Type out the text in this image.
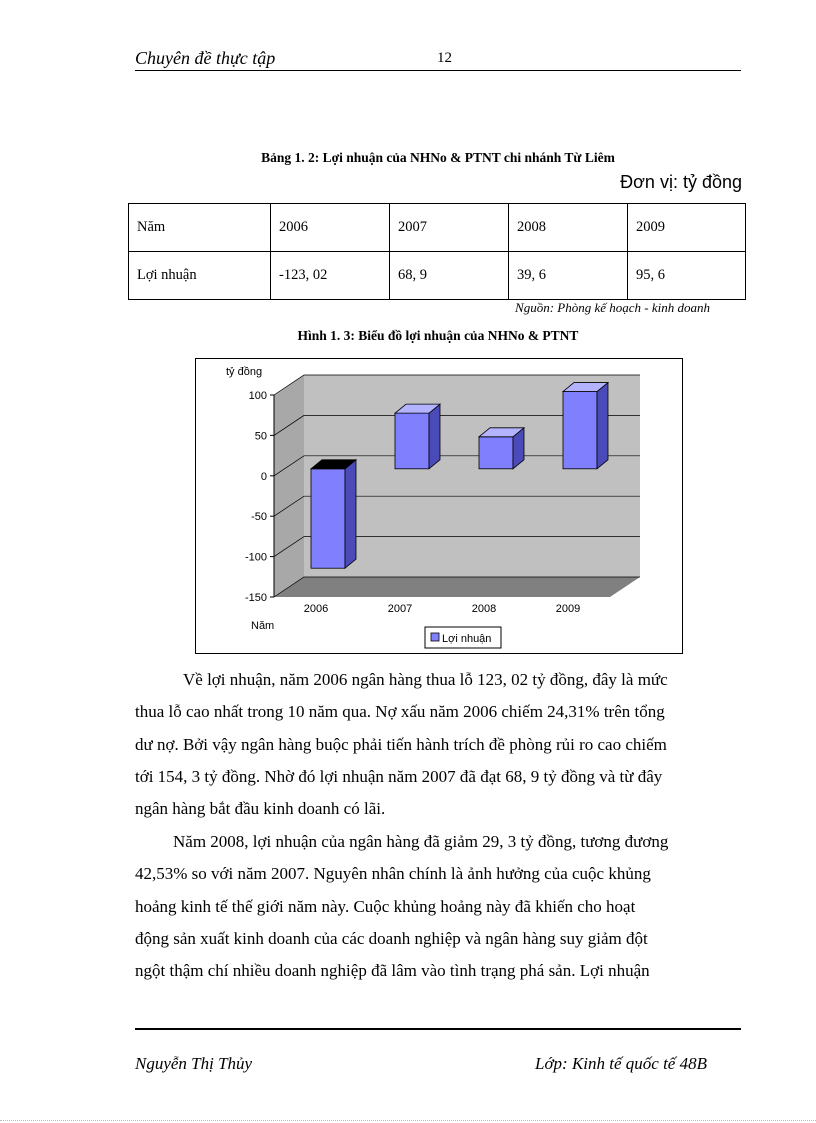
Chuyên đề thực tập	12
Bảng 1. 2: Lợi nhuận của NHNo & PTNT chi nhánh Từ Liêm
Đơn vị: tỷ đồng
Năm	2006	2007	2008	2009
Lợi nhuận	-123, 02	68, 9	39, 6	95, 6
Nguồn: Phòng kế hoạch - kinh doanh
Hình 1. 3: Biểu đồ lợi nhuận của NHNo & PTNT
100
50
0
-50
-100
-150
2006	2007	2008	2009
tỷ đồng
Năm
Lợi nhuận
Về lợi nhuận, năm 2006 ngân hàng thua lỗ 123, 02 tỷ đồng, đây là mức
thua lỗ cao nhất trong 10 năm qua. Nợ xấu năm 2006 chiếm 24,31% trên tổng
dư nợ. Bởi vậy ngân hàng buộc phải tiến hành trích đề phòng rủi ro cao chiếm
tới 154, 3 tỷ đồng. Nhờ đó lợi nhuận năm 2007 đã đạt 68, 9 tỷ đồng và từ đây
ngân hàng bắt đầu kinh doanh có lãi.
Năm 2008, lợi nhuận của ngân hàng đã giảm 29, 3 tỷ đồng, tương đương
42,53% so với năm 2007. Nguyên nhân chính là ảnh hưởng của cuộc khủng
hoảng kinh tế thế giới năm này. Cuộc khủng hoảng này đã khiến cho hoạt
động sản xuất kinh doanh của các doanh nghiệp và ngân hàng suy giảm đột
ngột thậm chí nhiều doanh nghiệp đã lâm vào tình trạng phá sản. Lợi nhuận
Nguyễn Thị Thủy	Lớp: Kinh tế quốc tế 48B
